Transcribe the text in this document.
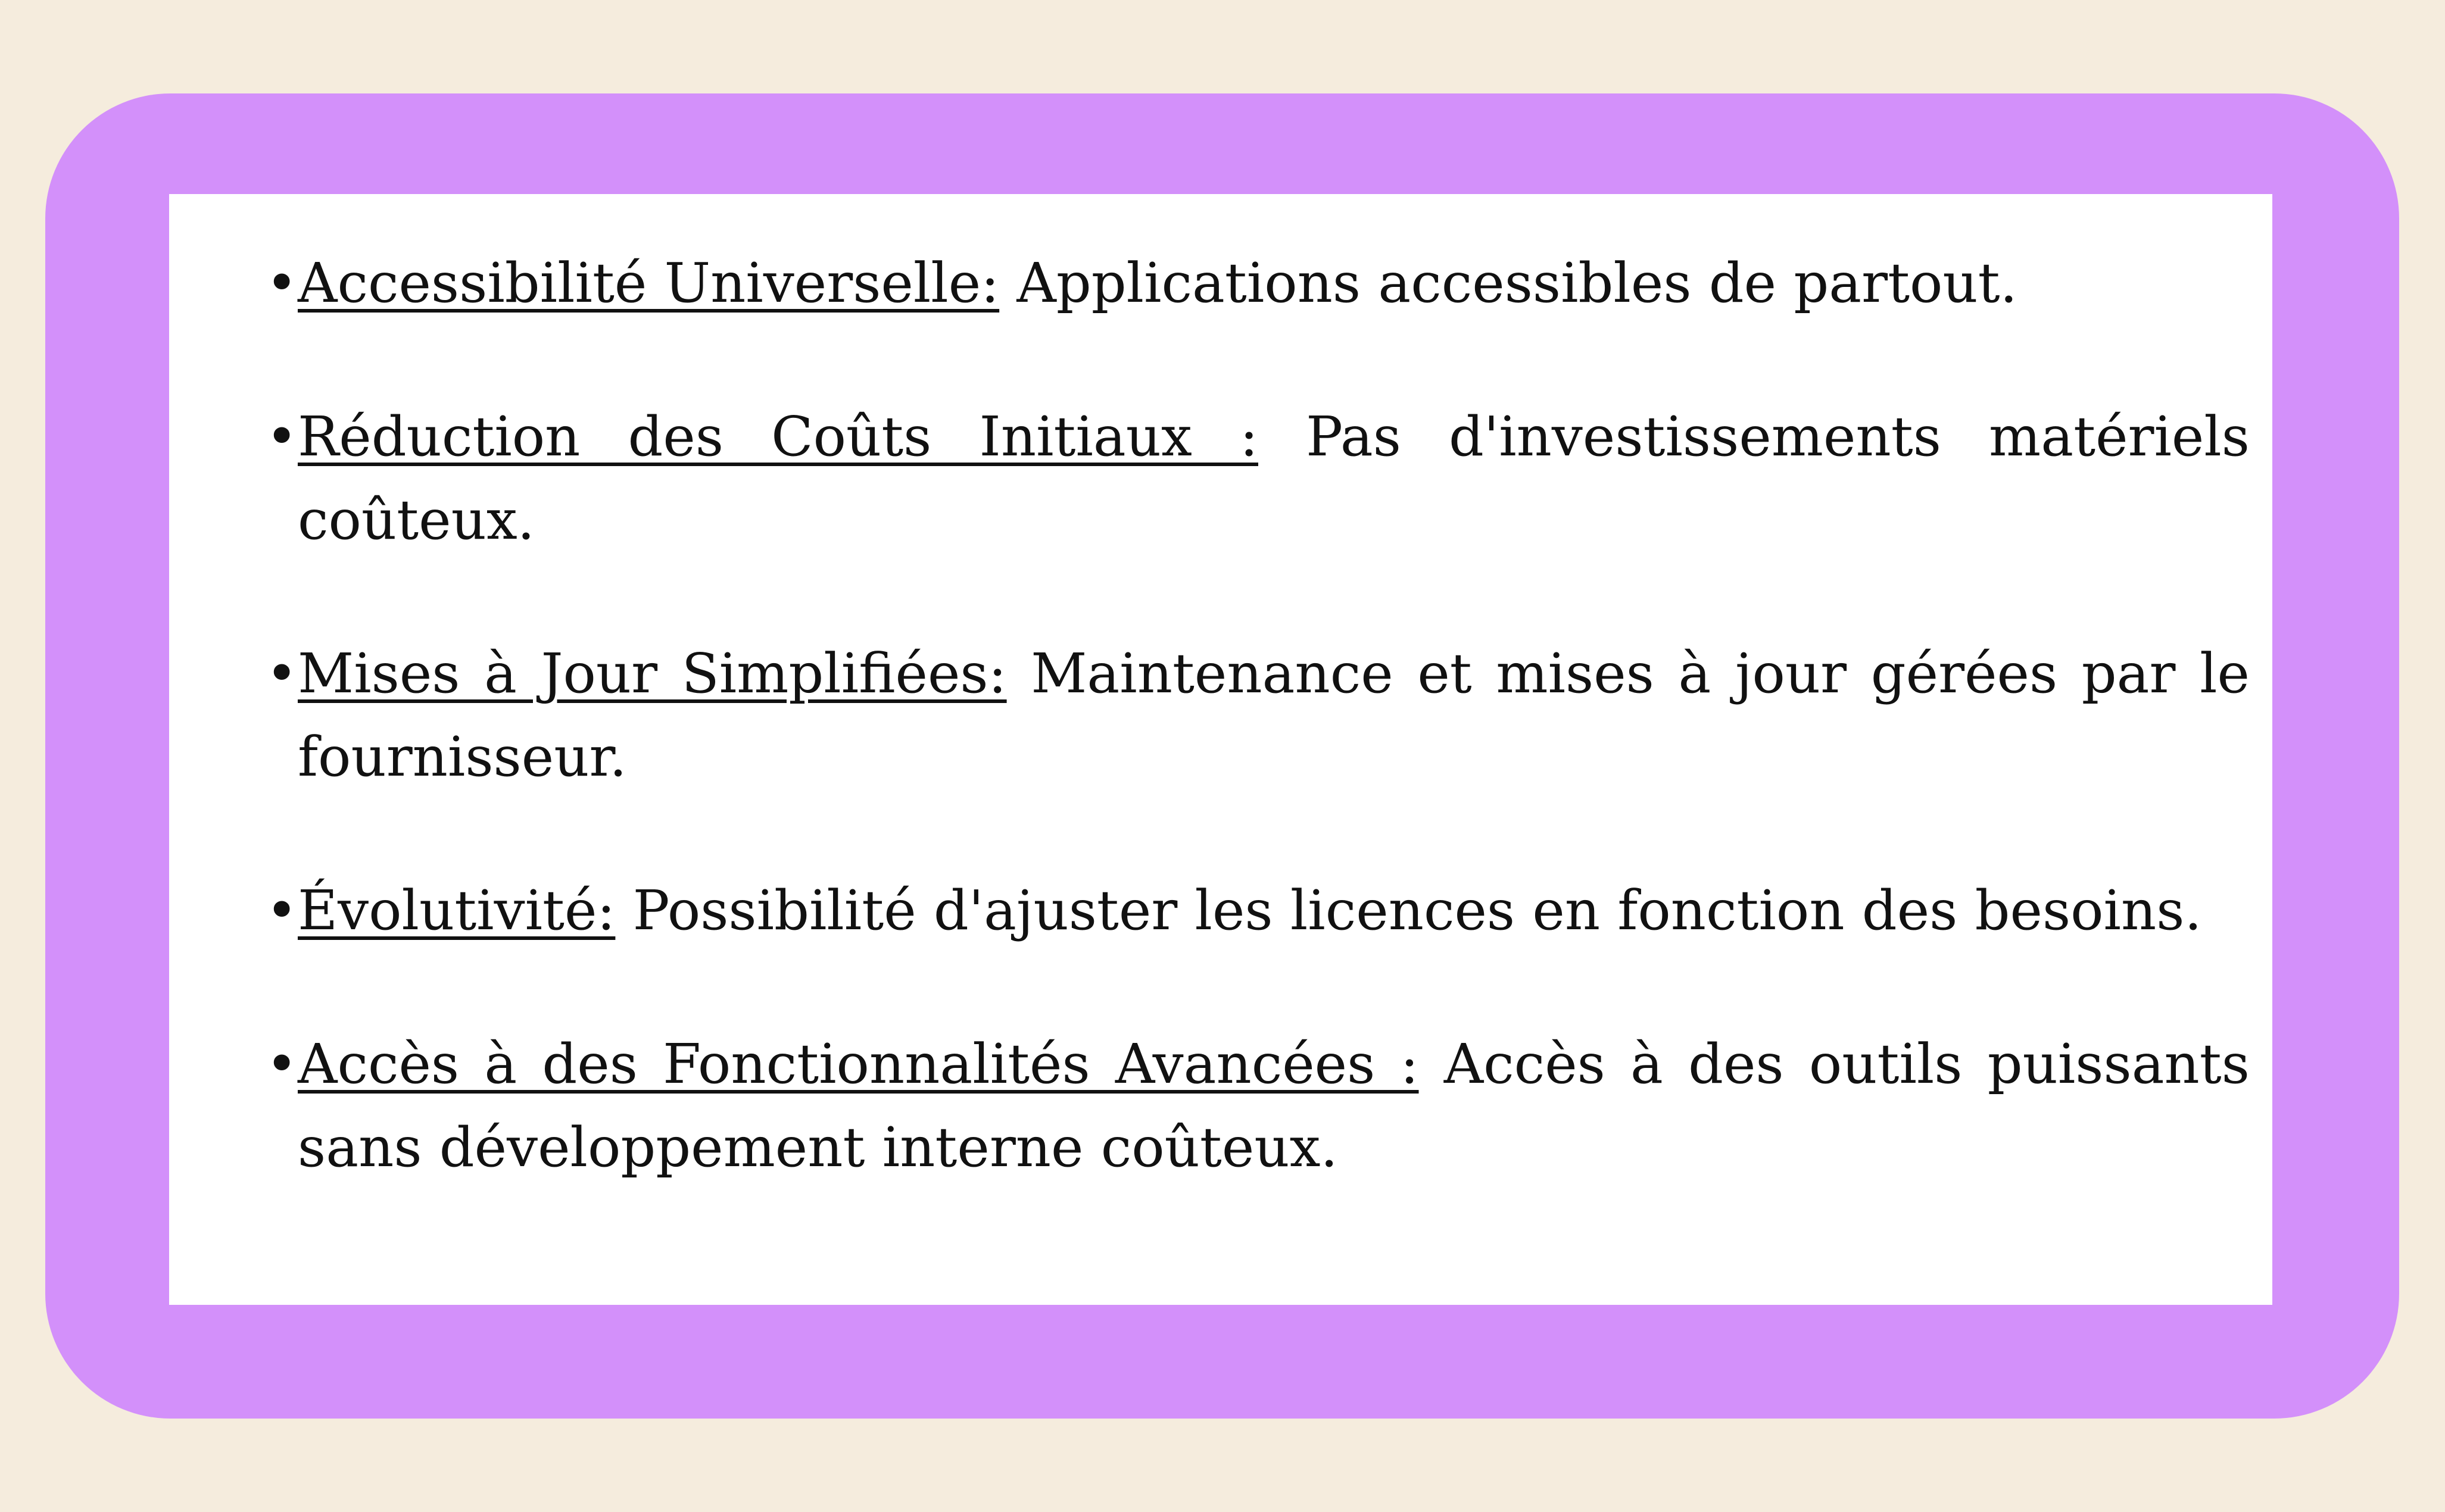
• Accessibilité Universelle: Applications accessibles de partout.
• Réduction des Coûts Initiaux : Pas d'investissements matériels coûteux.
• Mises à Jour Simplifiées: Maintenance et mises à jour gérées par le fournisseur.
• Évolutivité: Possibilité d'ajuster les licences en fonction des besoins.
• Accès à des Fonctionnalités Avancées : Accès à des outils puissants sans développement interne coûteux.
